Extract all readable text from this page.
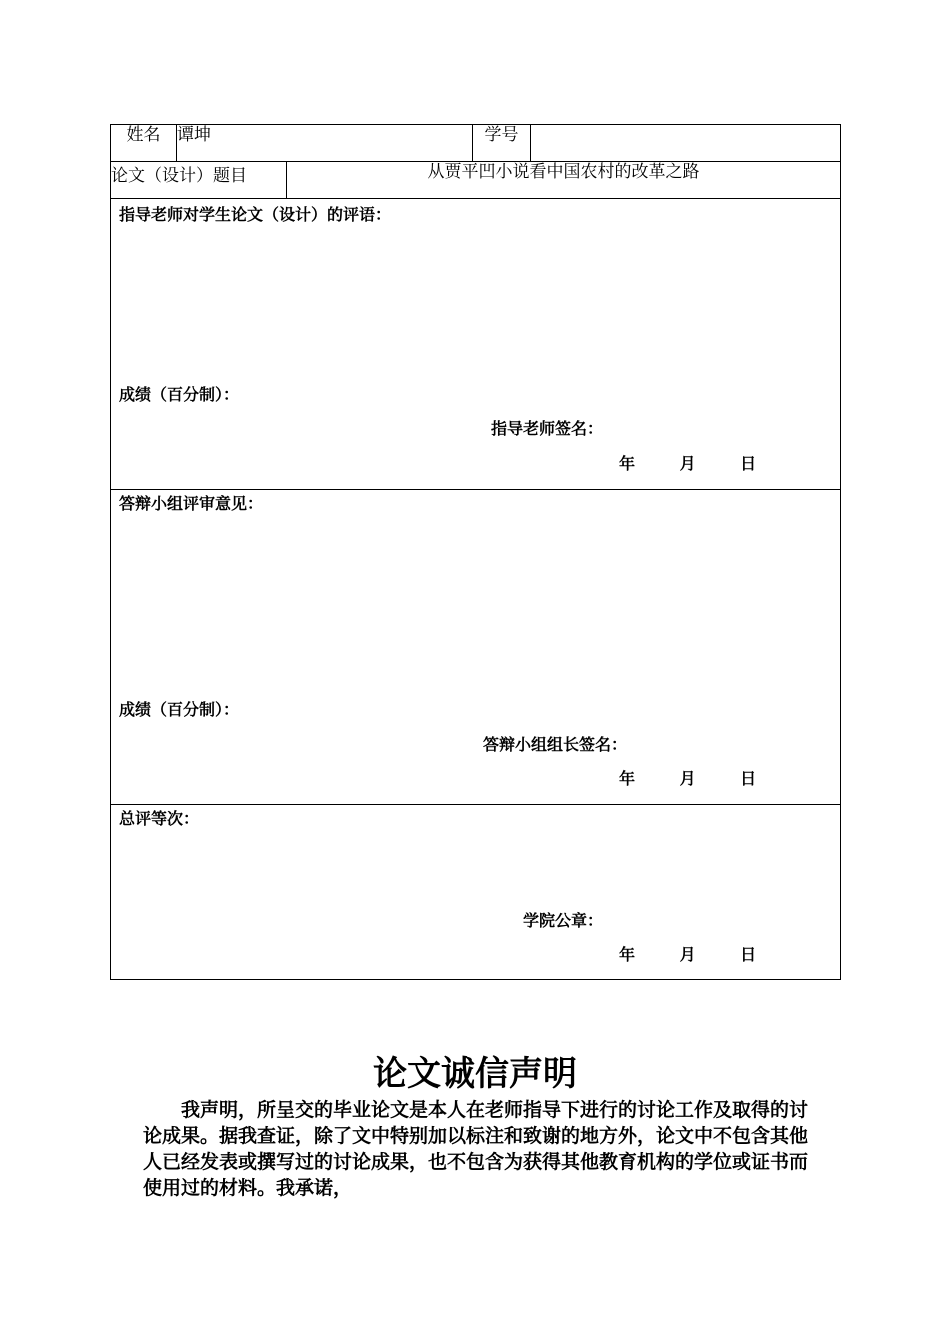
姓名	谭坤		学号	
论文（设计）题目		从贾平凹小说看中国农村的改革之路		

指导老师对学生论文（设计）的评语：
成绩（百分制）：
指导老师签名：
年        月        日				

答辩小组评审意见：
成绩（百分制）：
答辩小组组长签名：
年        月        日				

总评等次：
学院公章：
年        月        日				
论文诚信声明
我声明，所呈交的毕业论文是本人在老师指导下进行的讨论工作及取得的讨论成果。据我查证，除了文中特别加以标注和致谢的地方外，论文中不包含其他人已经发表或撰写过的讨论成果，也不包含为获得其他教育机构的学位或证书而使用过的材料。我承诺，
